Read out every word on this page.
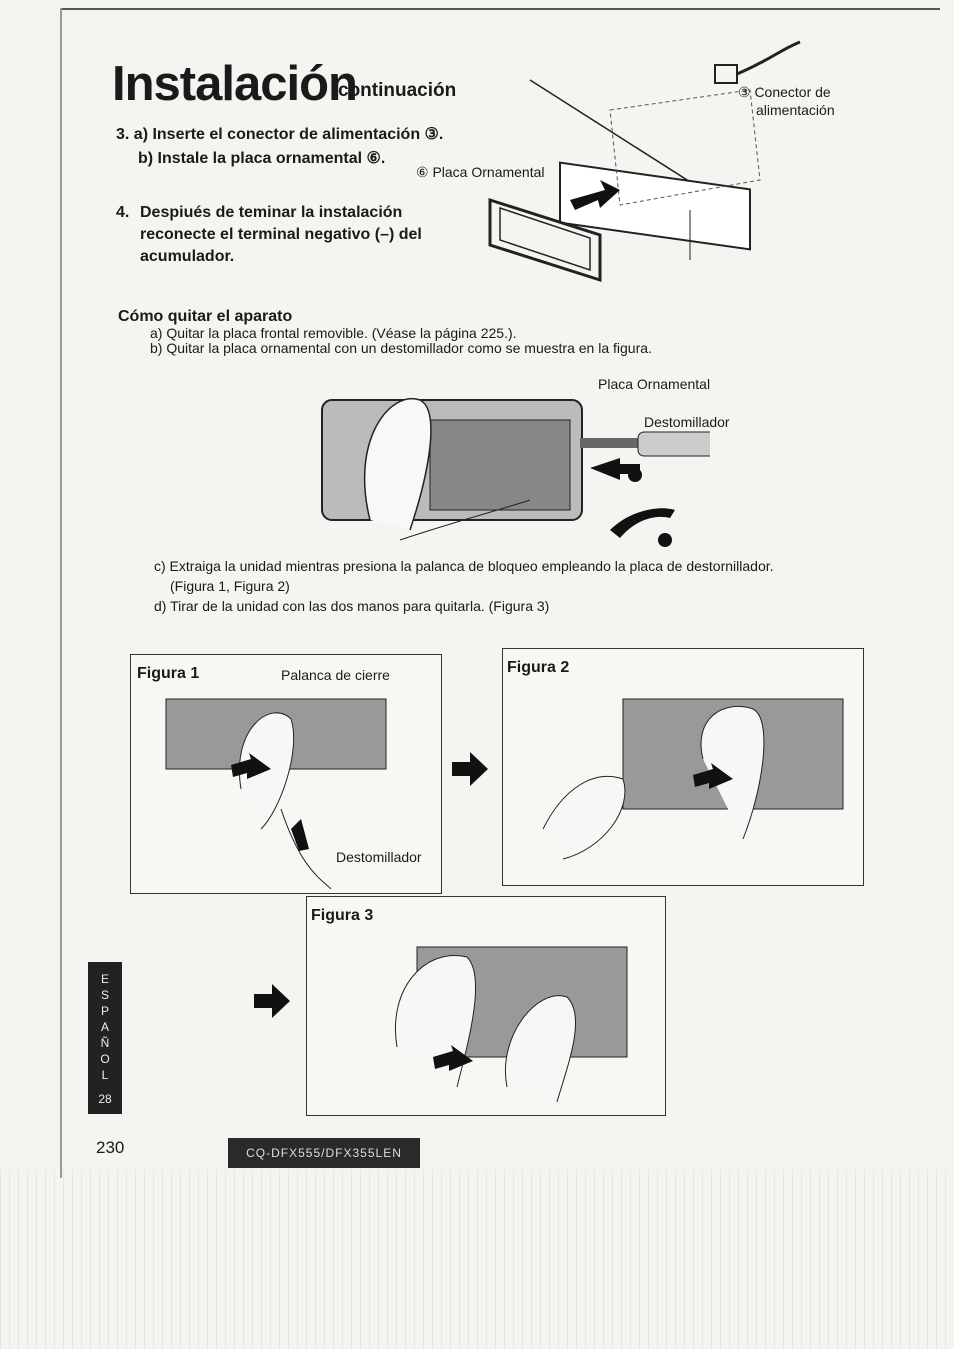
Instalación
continuación
3. a) Inserte el conector de alimentación ③.
b) Instale la placa ornamental ⑥.
4. Despiués de teminar la instalación reconecte el terminal negativo (–) del acumulador.
③ Conector de
alimentación
⑥ Placa Ornamental
Cómo quitar el aparato
a) Quitar la placa frontal removible. (Véase la página 225.).
b) Quitar la placa ornamental con un destomillador como se muestra en la figura.
Placa Ornamental
Destomillador
c) Extraiga la unidad mientras presiona la palanca de bloqueo empleando la placa de destornillador.
(Figura 1, Figura 2)
d) Tirar de la unidad con las dos manos para quitarla. (Figura 3)
Figura 1	Palanca de cierre
Destomillador
Figura 2
Figura 3
E
S
P
A
Ñ
O
L
28
230	CQ-DFX555/DFX355LEN
